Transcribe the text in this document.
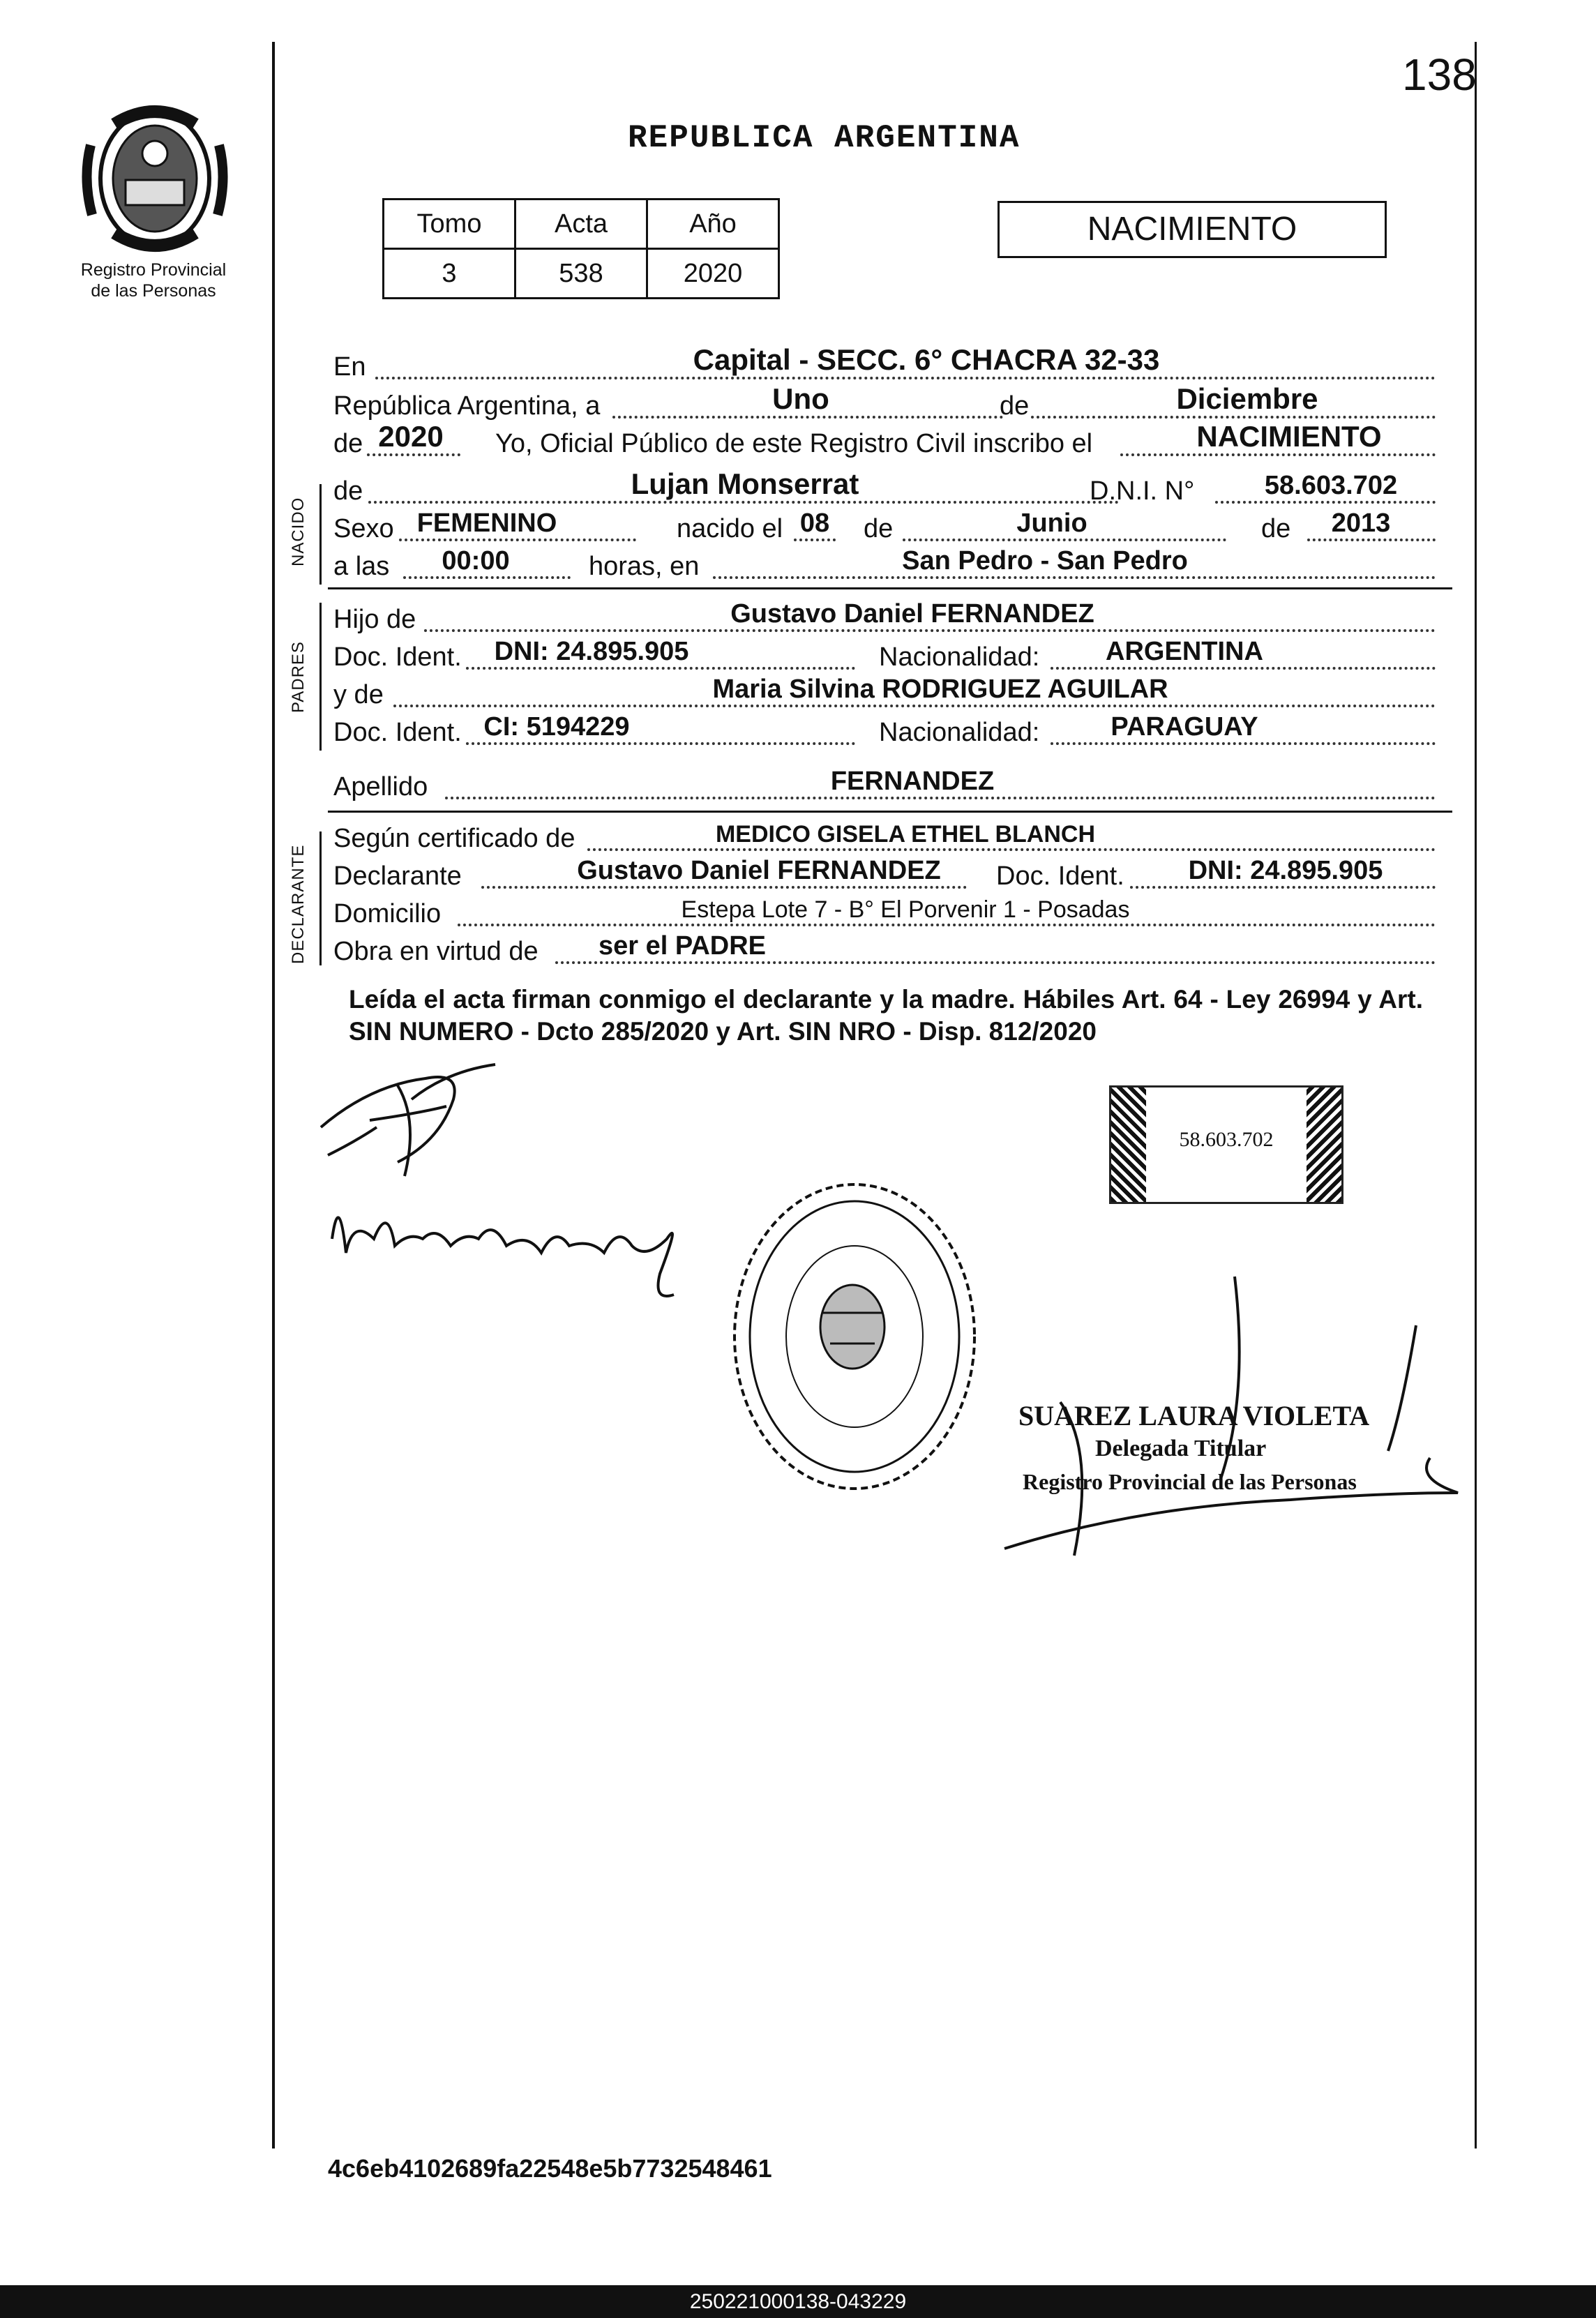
138
Registro Provincial
de las Personas
REPUBLICA ARGENTINA
Tomo	Acta	Año
3	538	2020
NACIMIENTO
En	Capital - SECC. 6° CHACRA 32-33
República Argentina, a	Uno	de	Diciembre
de 2020 Yo, Oficial Público de este Registro Civil inscribo el	NACIMIENTO
NACIDO
de	Lujan Monserrat	D.N.I. N°	58.603.702
Sexo FEMENINO	nacido el 08 de	Junio	de	2013
a las	00:00	horas, en	San Pedro - San Pedro
PADRES
Hijo de	Gustavo Daniel FERNANDEZ
Doc. Ident.	DNI: 24.895.905	Nacionalidad:	ARGENTINA
y de	Maria Silvina RODRIGUEZ AGUILAR
Doc. Ident. CI: 5194229	Nacionalidad:	PARAGUAY
Apellido	FERNANDEZ
DECLARANTE
Según certificado de	MEDICO GISELA ETHEL BLANCH
Declarante	Gustavo Daniel FERNANDEZ	Doc. Ident.	DNI: 24.895.905
Domicilio	Estepa Lote 7 - B° El Porvenir 1 - Posadas
Obra en virtud de	ser el PADRE
Leída el acta firman conmigo el declarante y la madre. Hábiles Art. 64 - Ley 26994 y Art. SIN NUMERO - Dcto 285/2020 y Art. SIN NRO - Disp. 812/2020
58.603.702
SUAREZ LAURA VIOLETA
Delegada Titular
Registro Provincial de las Personas
4c6eb4102689fa22548e5b7732548461
250221000138-043229
